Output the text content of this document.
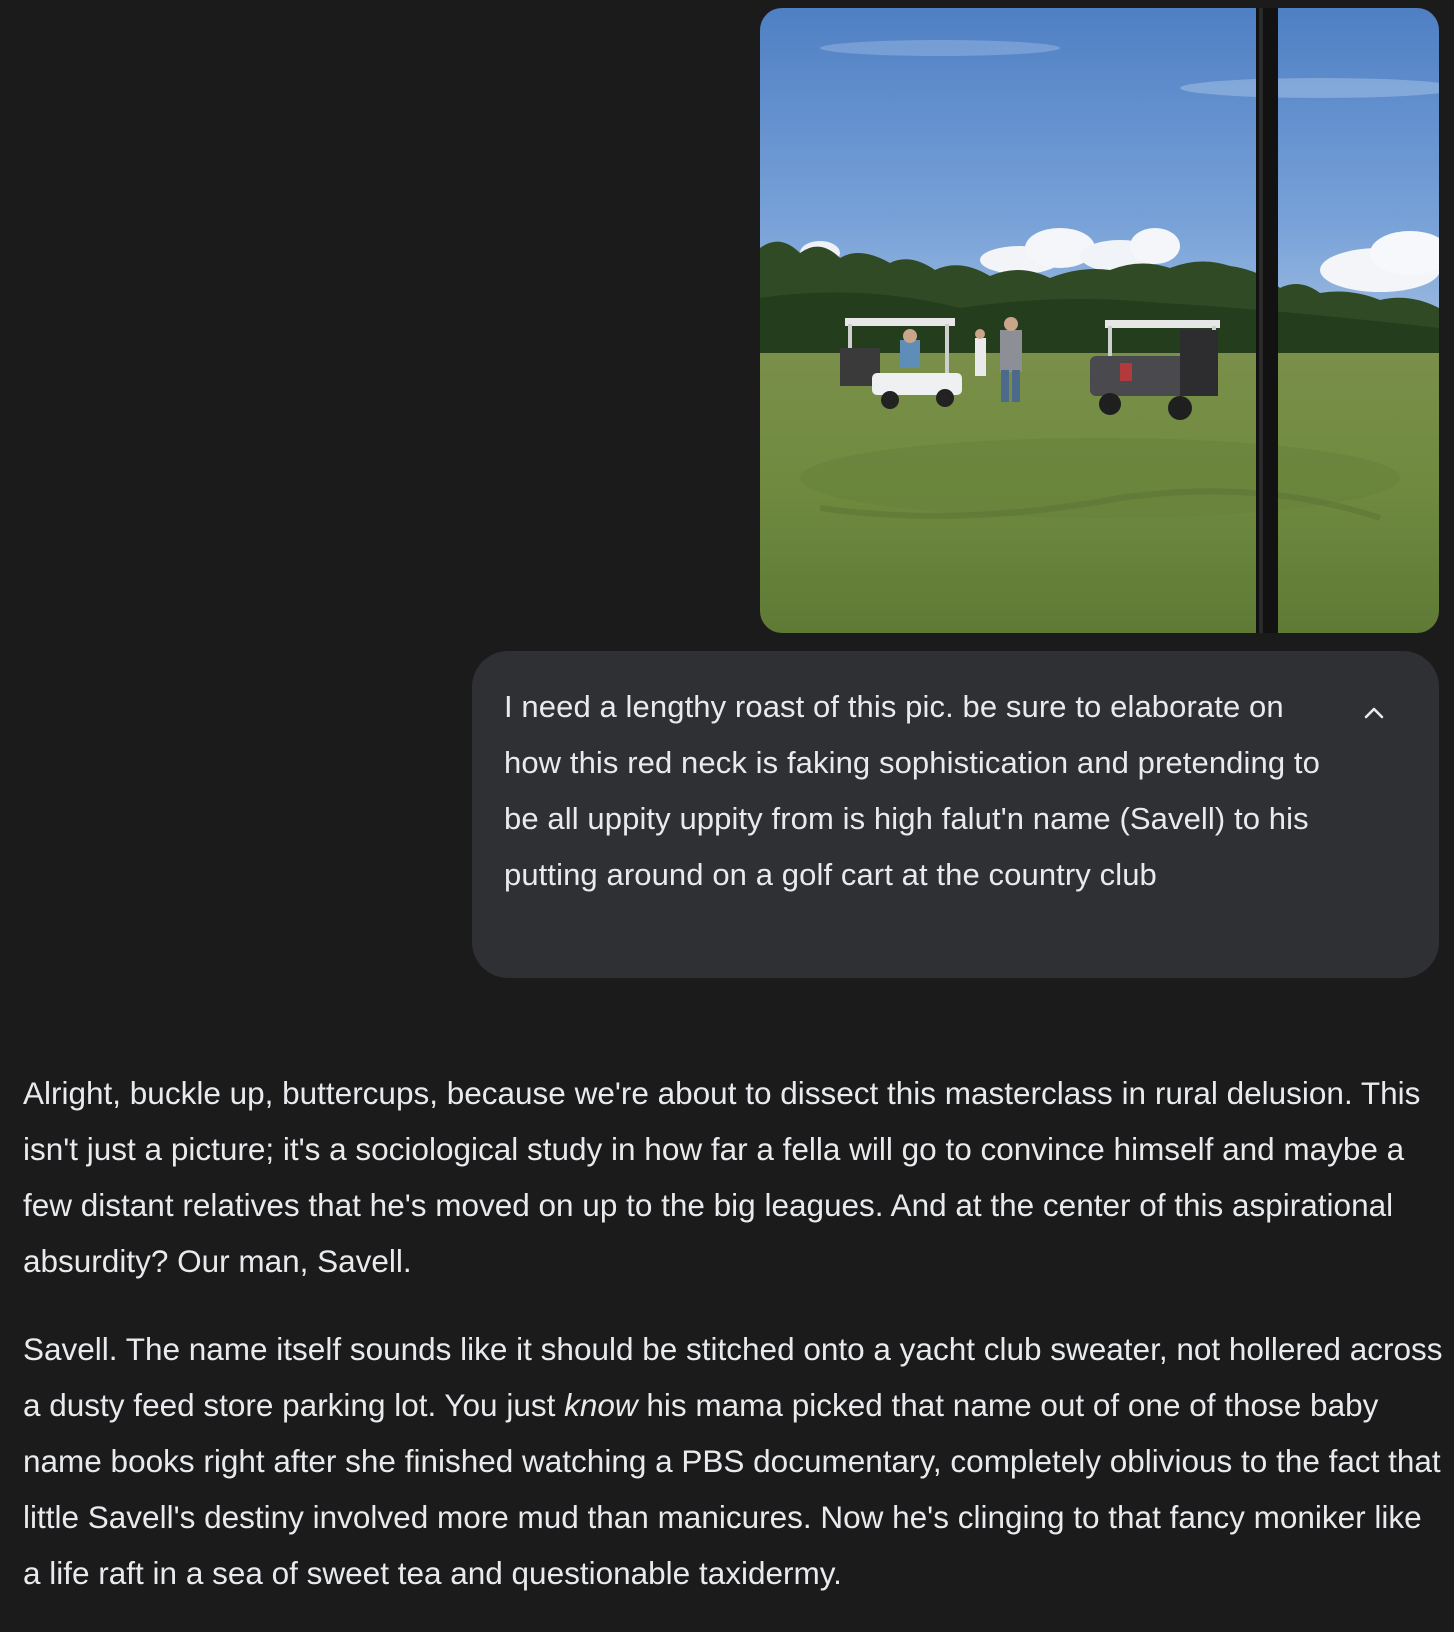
I need a lengthy roast of this pic. be sure to elaborate on how this red neck is faking sophistication and pretending to be all uppity uppity from is high falut'n name (Savell) to his putting around on a golf cart at the country club

Alright, buckle up, buttercups, because we're about to dissect this masterclass in rural delusion. This isn't just a picture; it's a sociological study in how far a fella will go to convince himself and maybe a few distant relatives that he's moved on up to the big leagues. And at the center of this aspirational absurdity? Our man, Savell.

Savell. The name itself sounds like it should be stitched onto a yacht club sweater, not hollered across a dusty feed store parking lot. You just know his mama picked that name out of one of those baby name books right after she finished watching a PBS documentary, completely oblivious to the fact that little Savell's destiny involved more mud than manicures. Now he's clinging to that fancy moniker like a life raft in a sea of sweet tea and questionable taxidermy.
